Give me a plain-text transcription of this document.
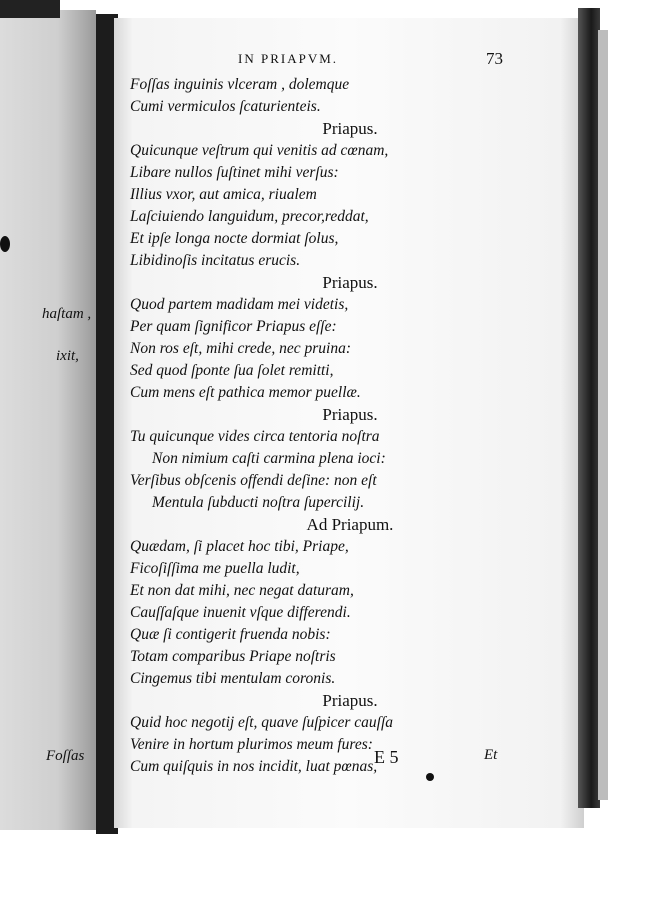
haſtam ,
ixit,
Foſſas
IN PRIAPVM.	73
Foſſas inguinis vlceram , dolemque
Cumi vermiculos ſcaturienteis.
Priapus.
Quicunque veſtrum qui venitis ad cœnam,
Libare nullos ſuſtinet mihi verſus:
Illius vxor, aut amica, riualem
Laſciuiendo languidum, precor,reddat,
Et ipſe longa nocte dormiat ſolus,
Libidinoſis incitatus erucis.
Priapus.
Quod partem madidam mei videtis,
Per quam ſignificor Priapus eſſe:
Non ros eſt, mihi crede, nec pruina:
Sed quod ſponte ſua ſolet remitti,
Cum mens eſt pathica memor puellæ.
Priapus.
Tu quicunque vides circa tentoria noſtra
Non nimium caſti carmina plena ioci:
Verſibus obſcenis offendi deſine: non eſt
Mentula ſubducti noſtra ſupercilij.
Ad Priapum.
Quædam, ſi placet hoc tibi, Priape,
Ficoſiſſima me puella ludit,
Et non dat mihi, nec negat daturam,
Cauſſaſque inuenit vſque differendi.
Quæ ſi contigerit fruenda nobis:
Totam comparibus Priape noſtris
Cingemus tibi mentulam coronis.
Priapus.
Quid hoc negotij eſt, quave ſuſpicer cauſſa
Venire in hortum plurimos meum fures:
Cum quiſquis in nos incidit, luat pœnas,
E 5	Et
